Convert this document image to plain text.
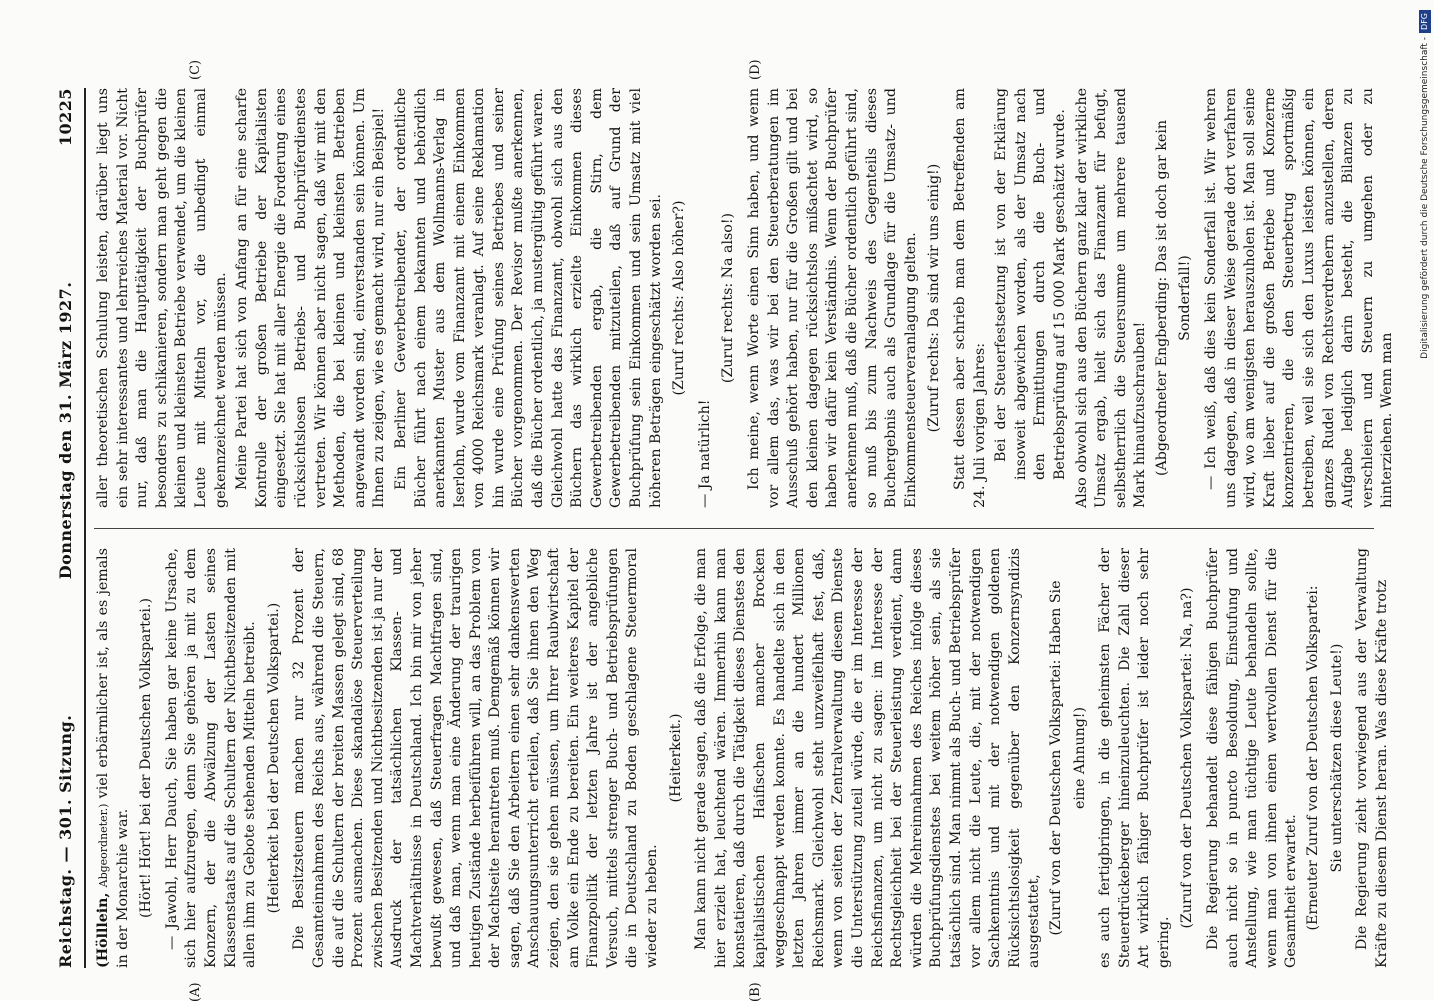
Reichstag. — 301. Sitzung.
Donnerstag den 31. März 1927.
10225

(Hölllein, Abgeordneter.) viel erbärmlicher ist, als es jemals in der Monarchie war. (Hört! Hört! bei der Deutschen Volkspartei.) — Jawohl, Herr Dauch, Sie haben gar keine Ursache, sich hier aufzuregen, denn Sie gehören ja mit zu dem Konzern, der die Abwälzung der Lasten seines Klassenstaats auf die Schultern der Nichtbesitzenden mit allen ihm zu Gebote stehenden Mitteln betreibt. (Heiterkeit bei der Deutschen Volkspartei.) Die Besitzsteuern machen nur 32 Prozent der Gesamteinnahmen des Reichs aus, während die Steuern, die auf die Schultern der breiten Massen gelegt sind, 68 Prozent ausmachen. Diese skandalöse Steuerverteilung zwischen Besitzenden und Nichtbesitzenden ist ja nur der Ausdruck der tatsächlichen Klassen- und Machtverhältnisse in Deutschland. Ich bin mir von jeher bewußt gewesen, daß Steuerfragen Machtfragen sind, und daß man, wenn man eine Änderung der traurigen heutigen Zustände herbeiführen will, an das Problem von der Machtseite herantreten muß. Demgemäß können wir sagen, daß Sie den Arbeitern einen sehr dankenswerten Anschauungsunterricht erteilen, daß Sie ihnen den Weg zeigen, den sie gehen müssen, um Ihrer Raubwirtschaft am Volke ein Ende zu bereiten. Ein weiteres Kapitel der Finanzpolitik der letzten Jahre ist der angebliche Versuch, mittels strenger Buch- und Betriebsprüfungen die in Deutschland zu Boden geschlagene Steuermoral wieder zu heben.

(Heiterkeit.) Man kann nicht gerade sagen, daß die Erfolge, die man hier erzielt hat, leuchtend wären. Immerhin kann man konstatieren, daß durch die Tätigkeit dieses Dienstes den kapitalistischen Haifischen mancher Brocken weggeschnappt werden konnte. Es handelte sich in den letzten Jahren immer an die hundert Millionen Reichsmark. Gleichwohl steht unzweifelhaft fest, daß, wenn von seiten der Zentralverwaltung diesem Dienste die Unterstützung zuteil würde, die er im Interesse der Reichsfinanzen, um nicht zu sagen: im Interesse der Rechtsgleichheit bei der Steuerleistung verdient, dann würden die Mehreinnahmen des Reiches infolge dieses Buchprüfungsdienstes bei weitem höher sein, als sie tatsächlich sind. Man nimmt als Buch- und Betriebsprüfer vor allem nicht die Leute, die, mit der notwendigen Sachkenntnis und mit der notwendigen goldenen Rücksichtslosigkeit gegenüber den Konzernsyndizis ausgestattet, (Zuruf von der Deutschen Volkspartei: Haben Sie eine Ahnung!) es auch fertigbringen, in die geheimsten Fächer der Steuerdrückeberger hineinzuleuchten. Die Zahl dieser Art wirklich fähiger Buchprüfer ist leider noch sehr gering.

(Zuruf von der Deutschen Volkspartei: Na, na?) Die Regierung behandelt diese fähigen Buchprüfer auch nicht so in puncto Besoldung, Einstufung und Anstellung, wie man tüchtige Leute behandeln sollte, wenn man von ihnen einen wertvollen Dienst für die Gesamtheit erwartet. (Erneuter Zuruf von der Deutschen Volkspartei: Sie unterschätzen diese Leute!) Die Regierung zieht vorwiegend aus der Verwaltung Kräfte zu diesem Dienst heran. Was diese Kräfte trotz

aller theoretischen Schulung leisten, darüber liegt uns ein sehr interessantes und lehrreiches Material vor. Nicht nur, daß man die Haupttätigkeit der Buchprüfer besonders zu schikanieren, sondern man geht gegen die kleinen und kleinsten Betriebe verwendet, um die kleinen Leute mit Mitteln vor, die unbedingt einmal gekennzeichnet werden müssen. Meine Partei hat sich von Anfang an für eine scharfe Kontrolle der großen Betriebe der Kapitalisten eingesetzt. Sie hat mit aller Energie die Forderung eines rücksichtslosen Betriebs- und Buchprüferdienstes vertreten. Wir können aber nicht sagen, daß wir mit den Methoden, die bei kleinen und kleinsten Betrieben angewandt worden sind, einverstanden sein können. Um Ihnen zu zeigen, wie es gemacht wird, nur ein Beispiel! Ein Berliner Gewerbetreibender, der ordentliche Bücher führt nach einem bekannten und behördlich anerkannten Muster aus dem Wollmanns-Verlag in Iserlohn, wurde vom Finanzamt mit einem Einkommen von 4000 Reichsmark veranlagt. Auf seine Reklamation hin wurde eine Prüfung seines Betriebes und seiner Bücher vorgenommen. Der Revisor mußte anerkennen, daß die Bücher ordentlich, ja mustergültig geführt waren. Gleichwohl hatte das Finanzamt, obwohl sich aus den Büchern das wirklich erzielte Einkommen dieses Gewerbetreibenden ergab, die Stirn, dem Gewerbetreibenden mitzuteilen, daß auf Grund der Buchprüfung sein Einkommen und sein Umsatz mit viel höheren Beträgen eingeschätzt worden sei. (Zuruf rechts: Also höher?)

— Ja natürlich!

(Zuruf rechts: Na also!) Ich meine, wenn Worte einen Sinn haben, und wenn vor allem das, was wir bei den Steuerberatungen im Ausschuß gehört haben, nur für die Großen gilt und bei den kleinen dagegen rücksichtslos mißachtet wird, so haben wir dafür kein Verständnis. Wenn der Buchprüfer anerkennen muß, daß die Bücher ordentlich geführt sind, so muß bis zum Nachweis des Gegenteils dieses Buchergebnis auch als Grundlage für die Umsatz- und Einkommensteuerveranlagung gelten. (Zuruf rechts: Da sind wir uns einig!) Statt dessen aber schrieb man dem Betreffenden am 24. Juli vorigen Jahres: Bei der Steuerfestsetzung ist von der Erklärung insoweit abgewichen worden, als der Umsatz nach den Ermittlungen durch die Buch- und Betriebsprüfung auf 15 000 Mark geschätzt wurde. Also obwohl sich aus den Büchern ganz klar der wirkliche Umsatz ergab, hielt sich das Finanzamt für befugt, selbstherrlich die Steuersumme um mehrere tausend Mark hinaufzuschrauben! (Abgeordneter Engberding: Das ist doch gar kein Sonderfall!) — Ich weiß, daß dies kein Sonderfall ist. Wir wehren uns dagegen, daß in dieser Weise gerade dort verfahren wird, wo am wenigsten herauszuholen ist. Man soll seine Kraft lieber auf die großen Betriebe und Konzerne konzentrieren, die den Steuerbetrug sportmäßig betreiben, weil sie sich den Luxus leisten können, ein ganzes Rudel von Rechtsverdrehern anzustellen, deren Aufgabe lediglich darin besteht, die Bilanzen zu verschleiern und Steuern zu umgehen oder zu hinterziehen. Wenn man

(A)	(B)
(C)	(D)	Digitalisierung gefördert durch die Deutsche Forschungsgemeinschaft -
DFG
